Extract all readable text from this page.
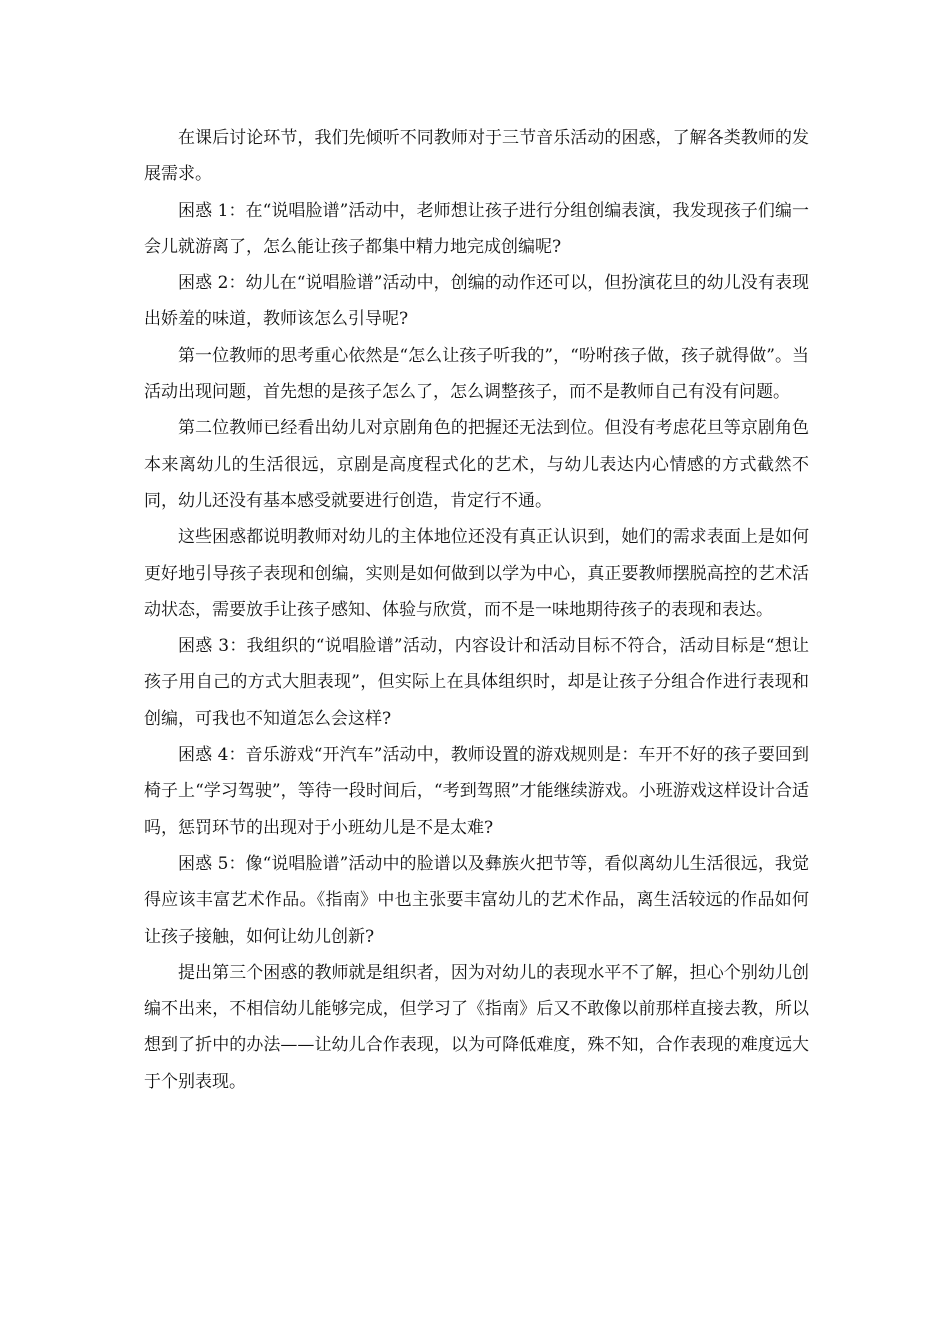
在课后讨论环节，我们先倾听不同教师对于三节音乐活动的困惑，了解各类教师的发展需求。

困惑 1：在“说唱脸谱”活动中，老师想让孩子进行分组创编表演，我发现孩子们编一会儿就游离了，怎么能让孩子都集中精力地完成创编呢?

困惑 2：幼儿在“说唱脸谱”活动中，创编的动作还可以，但扮演花旦的幼儿没有表现出娇羞的味道，教师该怎么引导呢?

第一位教师的思考重心依然是“怎么让孩子听我的”，“吩咐孩子做，孩子就得做”。当活动出现问题，首先想的是孩子怎么了，怎么调整孩子，而不是教师自己有没有问题。

第二位教师已经看出幼儿对京剧角色的把握还无法到位。但没有考虑花旦等京剧角色本来离幼儿的生活很远，京剧是高度程式化的艺术，与幼儿表达内心情感的方式截然不同，幼儿还没有基本感受就要进行创造，肯定行不通。

这些困惑都说明教师对幼儿的主体地位还没有真正认识到，她们的需求表面上是如何更好地引导孩子表现和创编，实则是如何做到以学为中心，真正要教师摆脱高控的艺术活动状态，需要放手让孩子感知、体验与欣赏，而不是一味地期待孩子的表现和表达。

困惑 3：我组织的“说唱脸谱”活动，内容设计和活动目标不符合，活动目标是“想让孩子用自己的方式大胆表现”，但实际上在具体组织时，却是让孩子分组合作进行表现和创编，可我也不知道怎么会这样?

困惑 4：音乐游戏“开汽车”活动中，教师设置的游戏规则是：车开不好的孩子要回到椅子上“学习驾驶”，等待一段时间后，“考到驾照”才能继续游戏。小班游戏这样设计合适吗，惩罚环节的出现对于小班幼儿是不是太难?

困惑 5：像“说唱脸谱”活动中的脸谱以及彝族火把节等，看似离幼儿生活很远，我觉得应该丰富艺术作品。《指南》中也主张要丰富幼儿的艺术作品，离生活较远的作品如何让孩子接触，如何让幼儿创新?

提出第三个困惑的教师就是组织者，因为对幼儿的表现水平不了解，担心个别幼儿创编不出来，不相信幼儿能够完成，但学习了《指南》后又不敢像以前那样直接去教，所以想到了折中的办法——让幼儿合作表现，以为可降低难度，殊不知，合作表现的难度远大于个别表现。
